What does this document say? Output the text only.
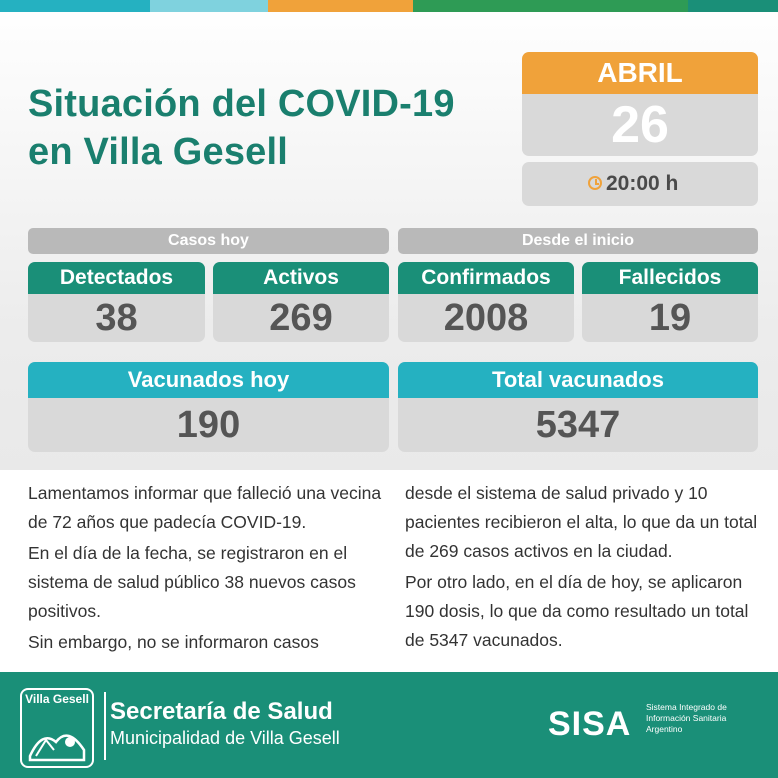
Situación del COVID-19
en Villa Gesell
ABRIL
26
20:00 h
Casos hoy	Desde el inicio
Detectados
38
Activos
269
Confirmados
2008
Fallecidos
19
Vacunados hoy
190
Total vacunados
5347

Lamentamos informar que falleció una vecina de 72 años que padecía COVID-19.

En el día de la fecha, se registraron en el sistema de salud público 38 nuevos casos positivos.

Sin embargo, no se informaron casos

desde el sistema de salud privado y 10 pacientes recibieron el alta, lo que da un total de 269 casos activos en la ciudad.

Por otro lado, en el día de hoy, se aplicaron 190 dosis, lo que da como resultado un total de 5347 vacunados.

Villa Gesell Secretaría de Salud
Municipalidad de Villa Gesell	SISA Sistema Integrado de Información Sanitaria Argentino
